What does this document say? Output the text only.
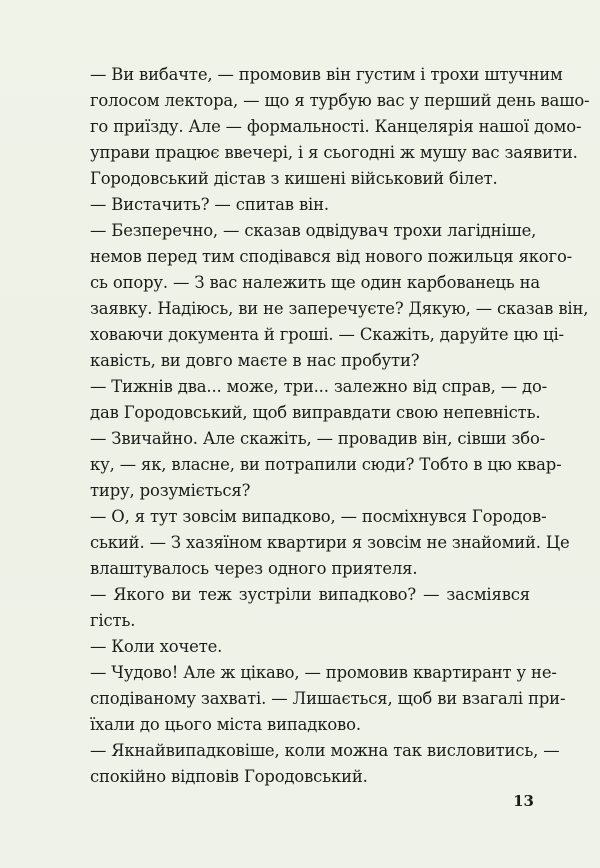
— Ви вибачте, — промовив він густим і трохи штучним
голосом лектора, — що я турбую вас у перший день вашо-
го приїзду. Але — формальності. Канцелярія нашої домо-
управи працює ввечері, і я сьогодні ж мушу вас заявити.
Городовський дістав з кишені військовий білет.
— Вистачить? — спитав він.
— Безперечно, — сказав одвідувач трохи лагідніше,
немов перед тим сподівався від нового пожильця якого-
сь опору. — З вас належить ще один карбованець на
заявку. Надіюсь, ви не заперечуєте? Дякую, — сказав він,
ховаючи документа й гроші. — Скажіть, даруйте цю ці-
кавість, ви довго маєте в нас пробути?
— Тижнів два... може, три... залежно від справ, — до-
дав Городовський, щоб виправдати свою непевність.
— Звичайно. Але скажіть, — провадив він, сівши збо-
ку, — як, власне, ви потрапили сюди? Тобто в цю квар-
тиру, розуміється?
— О, я тут зовсім випадково, — посміхнувся Городов-
ський. — З хазяїном квартири я зовсім не знайомий. Це
влаштувалось через одного приятеля.
— Якого ви теж зустріли випадково? — засміявся
гість.
— Коли хочете.
— Чудово! Але ж цікаво, — промовив квартирант у не-
сподіваному захваті. — Лишається, щоб ви взагалі при-
їхали до цього міста випадково.
— Якнайвипадковіше, коли можна так висловитись, —
спокійно відповів Городовський.
13
